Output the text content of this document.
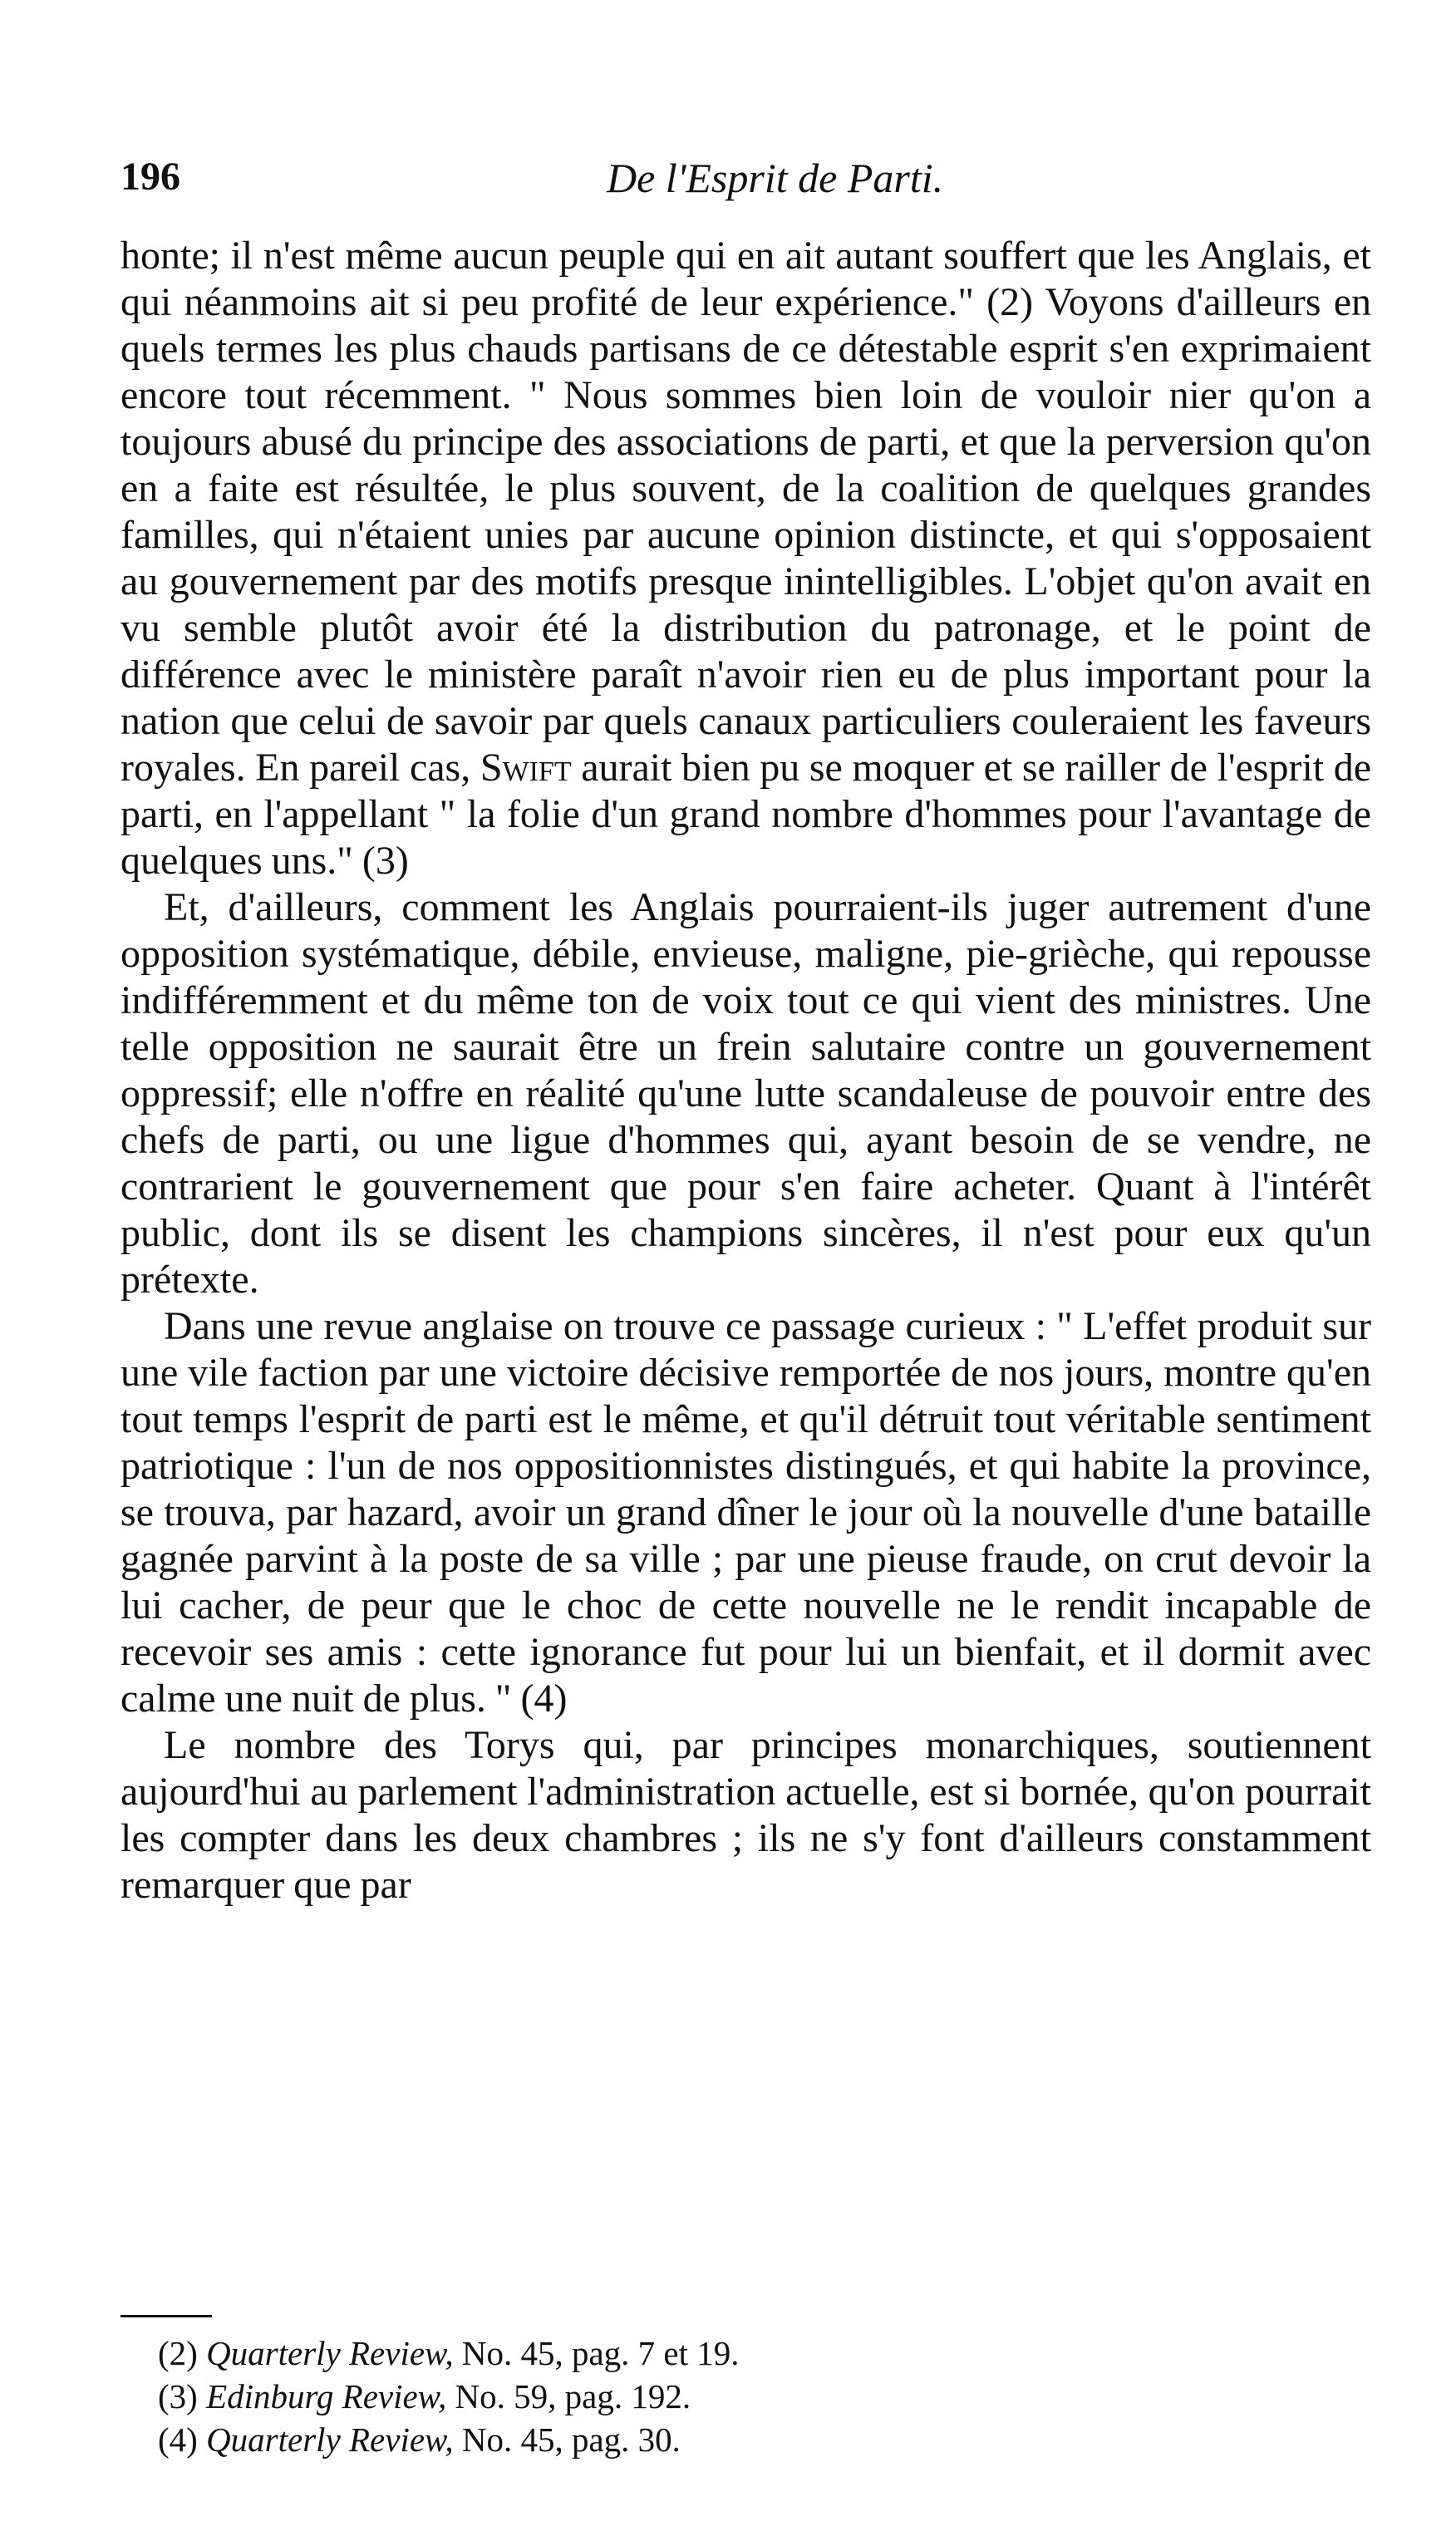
196	De l'Esprit de Parti.

honte; il n'est même aucun peuple qui en ait autant souffert que les Anglais, et qui néanmoins ait si peu profité de leur expérience." (2) Voyons d'ailleurs en quels termes les plus chauds partisans de ce détestable esprit s'en exprimaient encore tout récemment. " Nous sommes bien loin de vouloir nier qu'on a toujours abusé du principe des associations de parti, et que la perversion qu'on en a faite est résultée, le plus souvent, de la coalition de quelques grandes familles, qui n'étaient unies par aucune opinion distincte, et qui s'opposaient au gouvernement par des motifs presque inintelligibles. L'objet qu'on avait en vu semble plutôt avoir été la distribution du patronage, et le point de différence avec le ministère paraît n'avoir rien eu de plus important pour la nation que celui de savoir par quels canaux particuliers couleraient les faveurs royales. En pareil cas, Swift aurait bien pu se moquer et se railler de l'esprit de parti, en l'appellant " la folie d'un grand nombre d'hommes pour l'avantage de quelques uns." (3)

Et, d'ailleurs, comment les Anglais pourraient-ils juger autrement d'une opposition systématique, débile, envieuse, maligne, pie-grièche, qui repousse indifféremment et du même ton de voix tout ce qui vient des ministres. Une telle opposition ne saurait être un frein salutaire contre un gouvernement oppressif; elle n'offre en réalité qu'une lutte scandaleuse de pouvoir entre des chefs de parti, ou une ligue d'hommes qui, ayant besoin de se vendre, ne contrarient le gouvernement que pour s'en faire acheter. Quant à l'intérêt public, dont ils se disent les champions sincères, il n'est pour eux qu'un prétexte.

Dans une revue anglaise on trouve ce passage curieux : " L'effet produit sur une vile faction par une victoire décisive remportée de nos jours, montre qu'en tout temps l'esprit de parti est le même, et qu'il détruit tout véritable sentiment patriotique : l'un de nos oppositionnistes distingués, et qui habite la province, se trouva, par hazard, avoir un grand dîner le jour où la nouvelle d'une bataille gagnée parvint à la poste de sa ville ; par une pieuse fraude, on crut devoir la lui cacher, de peur que le choc de cette nouvelle ne le rendit incapable de recevoir ses amis : cette ignorance fut pour lui un bienfait, et il dormit avec calme une nuit de plus. " (4)

Le nombre des Torys qui, par principes monarchiques, soutiennent aujourd'hui au parlement l'administration actuelle, est si bornée, qu'on pourrait les compter dans les deux chambres ; ils ne s'y font d'ailleurs constamment remarquer que par

(2) Quarterly Review, No. 45, pag. 7 et 19.
(3) Edinburg Review, No. 59, pag. 192.
(4) Quarterly Review, No. 45, pag. 30.
